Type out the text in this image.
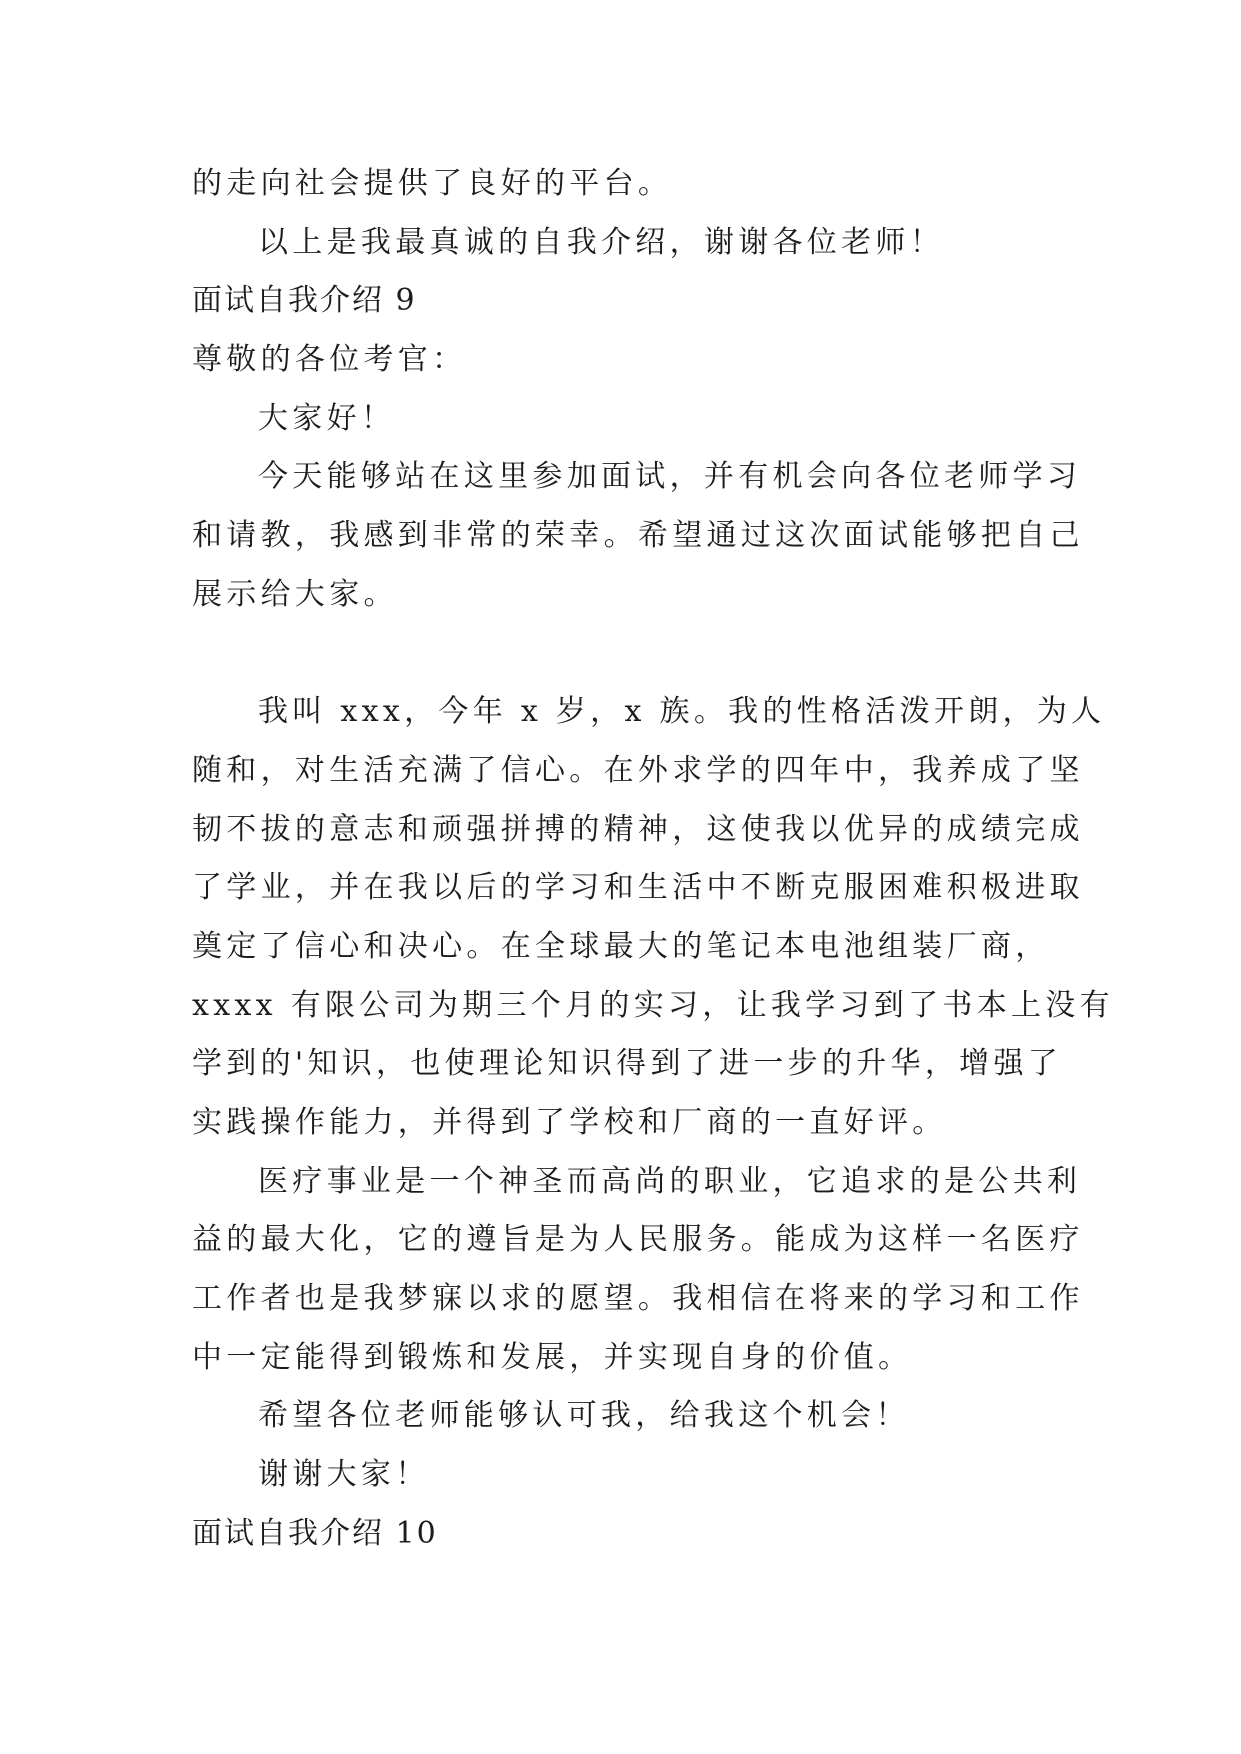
的走向社会提供了良好的平台。
以上是我最真诚的自我介绍，谢谢各位老师！
面试自我介绍 9
尊敬的各位考官：
大家好！
今天能够站在这里参加面试，并有机会向各位老师学习
和请教，我感到非常的荣幸。希望通过这次面试能够把自己
展示给大家。
我叫 xxx，今年 x 岁，x 族。我的性格活泼开朗，为人
随和，对生活充满了信心。在外求学的四年中，我养成了坚
韧不拔的意志和顽强拼搏的精神，这使我以优异的成绩完成
了学业，并在我以后的学习和生活中不断克服困难积极进取
奠定了信心和决心。在全球最大的笔记本电池组装厂商，
xxxx 有限公司为期三个月的实习，让我学习到了书本上没有
学到的'知识，也使理论知识得到了进一步的升华，增强了
实践操作能力，并得到了学校和厂商的一直好评。
医疗事业是一个神圣而高尚的职业，它追求的是公共利
益的最大化，它的遵旨是为人民服务。能成为这样一名医疗
工作者也是我梦寐以求的愿望。我相信在将来的学习和工作
中一定能得到锻炼和发展，并实现自身的价值。
希望各位老师能够认可我，给我这个机会！
谢谢大家！
面试自我介绍 10
